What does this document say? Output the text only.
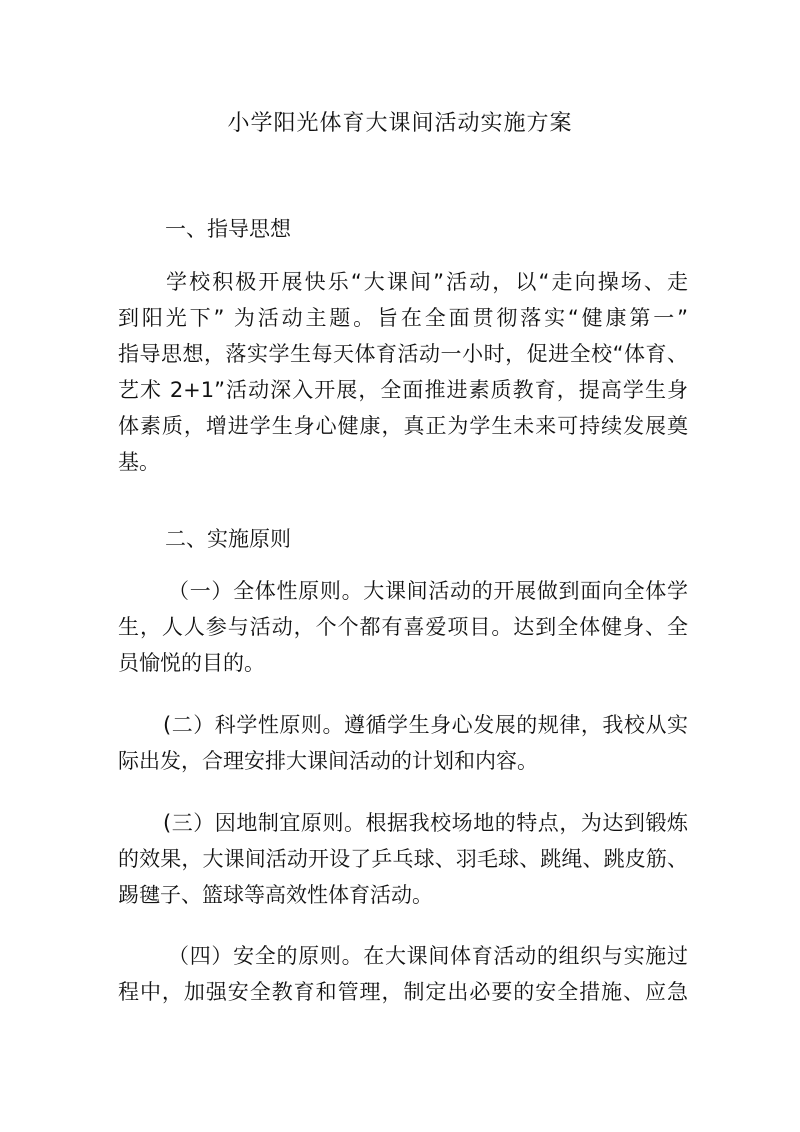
小学阳光体育大课间活动实施方案
一、指导思想

学校积极开展快乐“大课间”活动，以“走向操场、走
到阳光下” 为活动主题。旨在全面贯彻落实“健康第一”
指导思想，落实学生每天体育活动一小时，促进全校“体育、
艺术 2+1”活动深入开展，全面推进素质教育，提高学生身
体素质，增进学生身心健康，真正为学生未来可持续发展奠
基。

二、实施原则

（一）全体性原则。大课间活动的开展做到面向全体学
生，人人参与活动，个个都有喜爱项目。达到全体健身、全
员愉悦的目的。

(二）科学性原则。遵循学生身心发展的规律，我校从实
际出发，合理安排大课间活动的计划和内容。

(三）因地制宜原则。根据我校场地的特点，为达到锻炼
的效果，大课间活动开设了乒乓球、羽毛球、跳绳、跳皮筋、
踢毽子、篮球等高效性体育活动。

（四）安全的原则。在大课间体育活动的组织与实施过
程中，加强安全教育和管理，制定出必要的安全措施、应急
